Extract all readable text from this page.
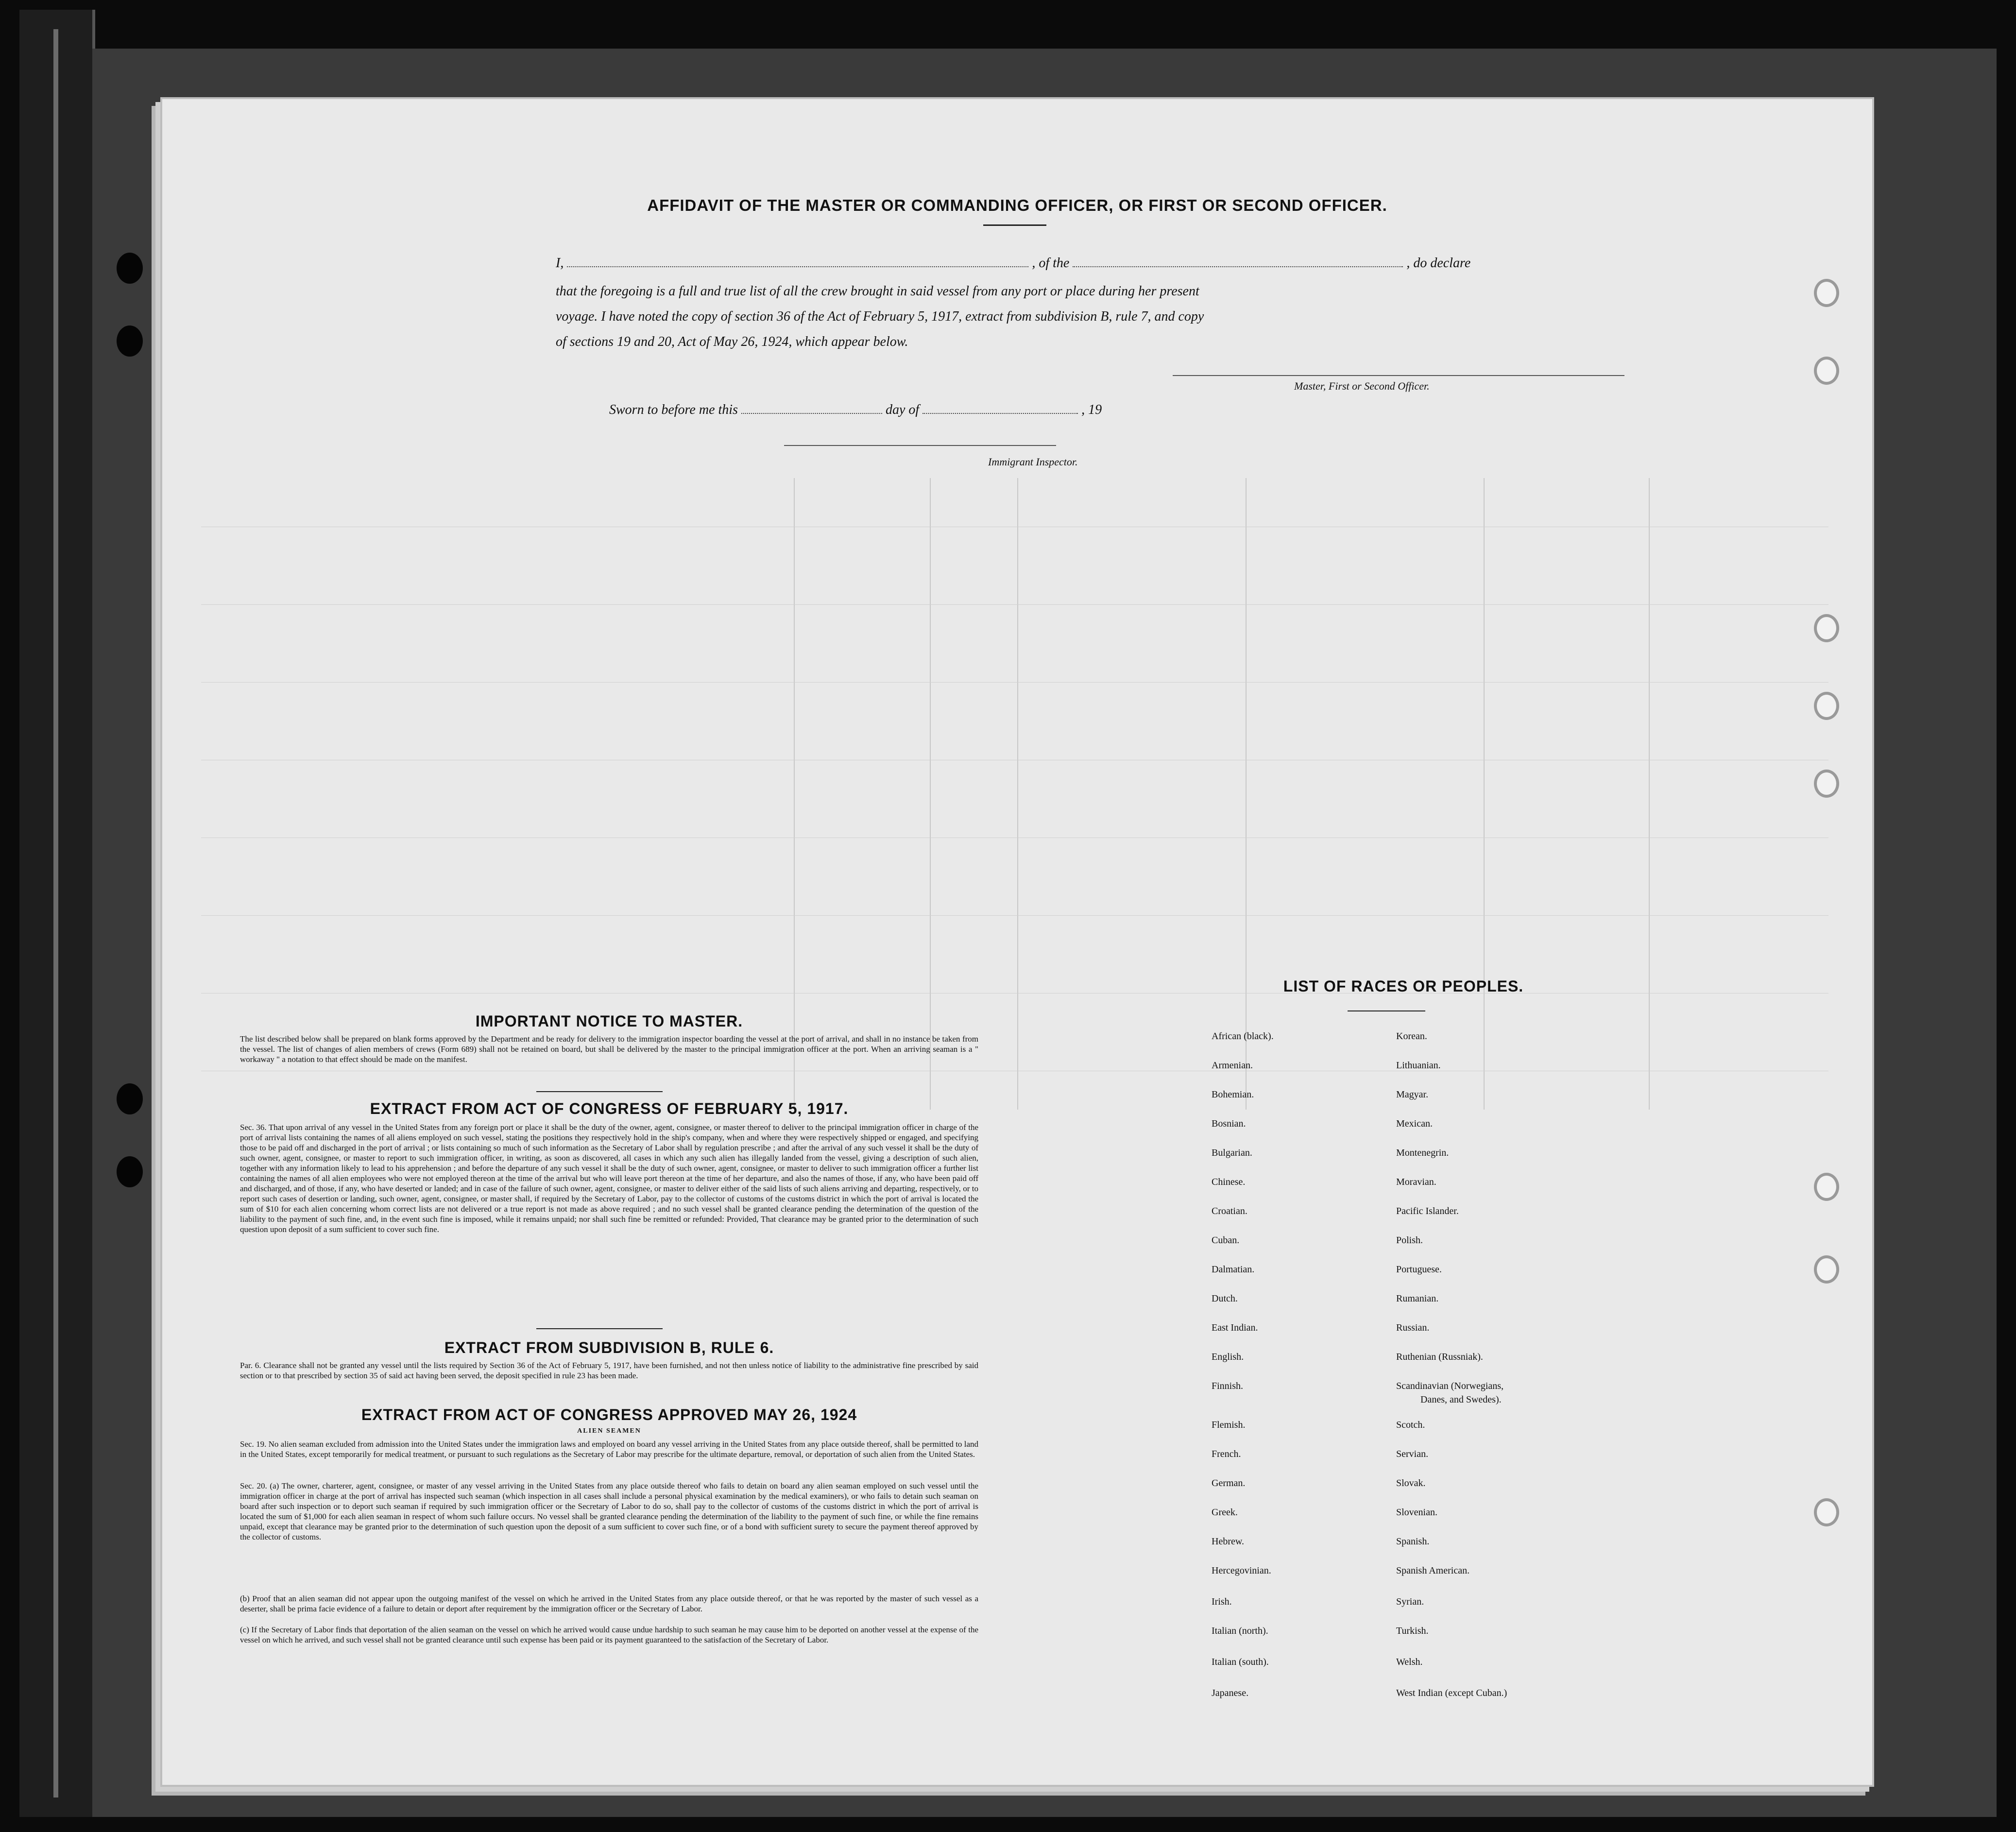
AFFIDAVIT OF THE MASTER OR COMMANDING OFFICER, OR FIRST OR SECOND OFFICER.
I,	, of the	, do declare
that the foregoing is a full and true list of all the crew brought in said vessel from any port or place during her present
voyage. I have noted the copy of section 36 of the Act of February 5, 1917, extract from subdivision B, rule 7, and copy
of sections 19 and 20, Act of May 26, 1924, which appear below.
Master, First or Second Officer.
Sworn to before me this	day of	, 19
Immigrant Inspector.
IMPORTANT NOTICE TO MASTER.
The list described below shall be prepared on blank forms approved by the Department and be ready for delivery to the immigration inspector boarding the vessel at the port of arrival, and shall in no instance be taken from the vessel. The list of changes of alien members of crews (Form 689) shall not be retained on board, but shall be delivered by the master to the principal immigration officer at the port. When an arriving seaman is a " workaway " a notation to that effect should be made on the manifest.
EXTRACT FROM ACT OF CONGRESS OF FEBRUARY 5, 1917.
Sec. 36. That upon arrival of any vessel in the United States from any foreign port or place it shall be the duty of the owner, agent, consignee, or master thereof to deliver to the principal immigration officer in charge of the port of arrival lists containing the names of all aliens employed on such vessel, stating the positions they respectively hold in the ship's company, when and where they were respectively shipped or engaged, and specifying those to be paid off and discharged in the port of arrival ; or lists containing so much of such information as the Secretary of Labor shall by regulation prescribe ; and after the arrival of any such vessel it shall be the duty of such owner, agent, consignee, or master to report to such immigration officer, in writing, as soon as discovered, all cases in which any such alien has illegally landed from the vessel, giving a description of such alien, together with any information likely to lead to his apprehension ; and before the departure of any such vessel it shall be the duty of such owner, agent, consignee, or master to deliver to such immigration officer a further list containing the names of all alien employees who were not employed thereon at the time of the arrival but who will leave port thereon at the time of her departure, and also the names of those, if any, who have been paid off and discharged, and of those, if any, who have deserted or landed; and in case of the failure of such owner, agent, consignee, or master to deliver either of the said lists of such aliens arriving and departing, respectively, or to report such cases of desertion or landing, such owner, agent, consignee, or master shall, if required by the Secretary of Labor, pay to the collector of customs of the customs district in which the port of arrival is located the sum of $10 for each alien concerning whom correct lists are not delivered or a true report is not made as above required ; and no such vessel shall be granted clearance pending the determination of the question of the liability to the payment of such fine, and, in the event such fine is imposed, while it remains unpaid; nor shall such fine be remitted or refunded: Provided, That clearance may be granted prior to the determination of such question upon deposit of a sum sufficient to cover such fine.
EXTRACT FROM SUBDIVISION B, RULE 6.
Par. 6. Clearance shall not be granted any vessel until the lists required by Section 36 of the Act of February 5, 1917, have been furnished, and not then unless notice of liability to the administrative fine prescribed by said section or to that prescribed by section 35 of said act having been served, the deposit specified in rule 23 has been made.
EXTRACT FROM ACT OF CONGRESS APPROVED MAY 26, 1924
ALIEN SEAMEN
Sec. 19. No alien seaman excluded from admission into the United States under the immigration laws and employed on board any vessel arriving in the United States from any place outside thereof, shall be permitted to land in the United States, except temporarily for medical treatment, or pursuant to such regulations as the Secretary of Labor may prescribe for the ultimate departure, removal, or deportation of such alien from the United States.
Sec. 20. (a) The owner, charterer, agent, consignee, or master of any vessel arriving in the United States from any place outside thereof who fails to detain on board any alien seaman employed on such vessel until the immigration officer in charge at the port of arrival has inspected such seaman (which inspection in all cases shall include a personal physical examination by the medical examiners), or who fails to detain such seaman on board after such inspection or to deport such seaman if required by such immigration officer or the Secretary of Labor to do so, shall pay to the collector of customs of the customs district in which the port of arrival is located the sum of $1,000 for each alien seaman in respect of whom such failure occurs. No vessel shall be granted clearance pending the determination of the liability to the payment of such fine, or while the fine remains unpaid, except that clearance may be granted prior to the determination of such question upon the deposit of a sum sufficient to cover such fine, or of a bond with sufficient surety to secure the payment thereof approved by the collector of customs.
(b) Proof that an alien seaman did not appear upon the outgoing manifest of the vessel on which he arrived in the United States from any place outside thereof, or that he was reported by the master of such vessel as a deserter, shall be prima facie evidence of a failure to detain or deport after requirement by the immigration officer or the Secretary of Labor.
(c) If the Secretary of Labor finds that deportation of the alien seaman on the vessel on which he arrived would cause undue hardship to such seaman he may cause him to be deported on another vessel at the expense of the vessel on which he arrived, and such vessel shall not be granted clearance until such expense has been paid or its payment guaranteed to the satisfaction of the Secretary of Labor.
LIST OF RACES OR PEOPLES.
African (black).
Armenian.
Bohemian.
Bosnian.
Bulgarian.
Chinese.
Croatian.
Cuban.
Dalmatian.
Dutch.
East Indian.
English.
Finnish.
Flemish.
French.
German.
Greek.
Hebrew.
Hercegovinian.
Irish.
Italian (north).
Italian (south).
Japanese.
Korean.
Lithuanian.
Magyar.
Mexican.
Montenegrin.
Moravian.
Pacific Islander.
Polish.
Portuguese.
Rumanian.
Russian.
Ruthenian (Russniak).
Scandinavian (Norwegians,
Danes, and Swedes).
Scotch.
Servian.
Slovak.
Slovenian.
Spanish.
Spanish American.
Syrian.
Turkish.
Welsh.
West Indian (except Cuban.)
